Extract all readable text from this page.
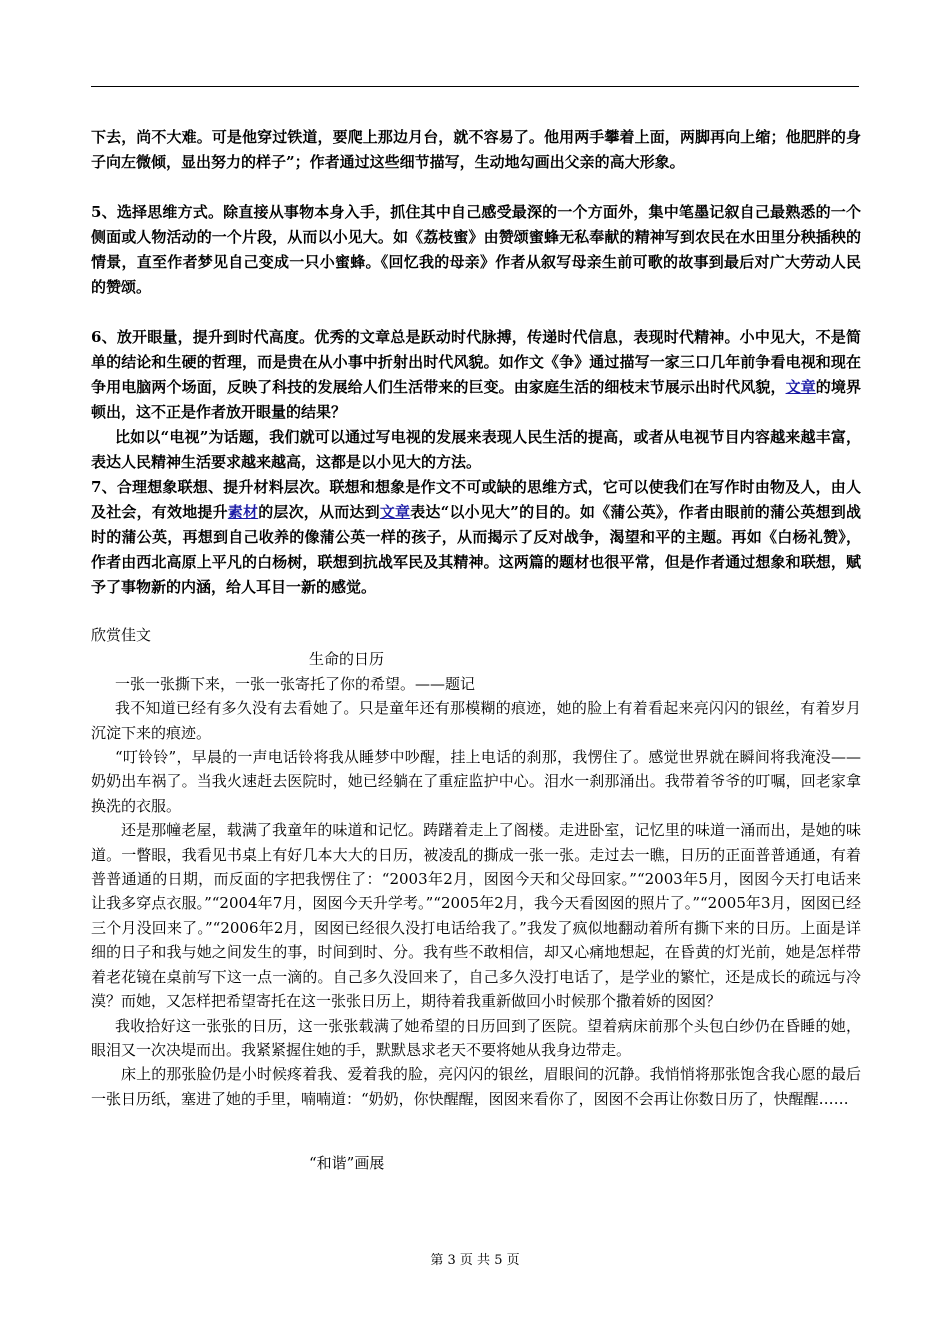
下去，尚不大难。可是他穿过铁道，要爬上那边月台，就不容易了。他用两手攀着上面，两脚再向上缩；他肥胖的身子向左微倾，显出努力的样子”；作者通过这些细节描写，生动地勾画出父亲的高大形象。

5、选择思维方式。除直接从事物本身入手，抓住其中自己感受最深的一个方面外，集中笔墨记叙自己最熟悉的一个侧面或人物活动的一个片段，从而以小见大。如《荔枝蜜》由赞颂蜜蜂无私奉献的精神写到农民在水田里分秧插秧的情景，直至作者梦见自己变成一只小蜜蜂。《回忆我的母亲》作者从叙写母亲生前可歌的故事到最后对广大劳动人民的赞颂。

6、放开眼量，提升到时代高度。优秀的文章总是跃动时代脉搏，传递时代信息，表现时代精神。小中见大，不是简单的结论和生硬的哲理，而是贵在从小事中折射出时代风貌。如作文《争》通过描写一家三口几年前争看电视和现在争用电脑两个场面，反映了科技的发展给人们生活带来的巨变。由家庭生活的细枝末节展示出时代风貌，文章的境界顿出，这不正是作者放开眼量的结果？

比如以“电视”为话题，我们就可以通过写电视的发展来表现人民生活的提高，或者从电视节目内容越来越丰富，表达人民精神生活要求越来越高，这都是以小见大的方法。

7、合理想象联想、提升材料层次。联想和想象是作文不可或缺的思维方式，它可以使我们在写作时由物及人，由人及社会，有效地提升素材的层次，从而达到文章表达“以小见大”的目的。如《蒲公英》，作者由眼前的蒲公英想到战时的蒲公英，再想到自己收养的像蒲公英一样的孩子，从而揭示了反对战争，渴望和平的主题。再如《白杨礼赞》，作者由西北高原上平凡的白杨树，联想到抗战军民及其精神。这两篇的题材也很平常，但是作者通过想象和联想，赋予了事物新的内涵，给人耳目一新的感觉。

欣赏佳文

生命的日历

一张一张撕下来，一张一张寄托了你的希望。——题记

我不知道已经有多久没有去看她了。只是童年还有那模糊的痕迹，她的脸上有着看起来亮闪闪的银丝，有着岁月沉淀下来的痕迹。

“叮铃铃”，早晨的一声电话铃将我从睡梦中吵醒，挂上电话的刹那，我愣住了。感觉世界就在瞬间将我淹没——奶奶出车祸了。当我火速赶去医院时，她已经躺在了重症监护中心。泪水一刹那涌出。我带着爷爷的叮嘱，回老家拿换洗的衣服。

还是那幢老屋，载满了我童年的味道和记忆。踌躇着走上了阁楼。走进卧室，记忆里的味道一涌而出，是她的味道。一瞥眼，我看见书桌上有好几本大大的日历，被凌乱的撕成一张一张。走过去一瞧，日历的正面普普通通，有着普普通通的日期，而反面的字把我愣住了：“2003年2月，囡囡今天和父母回家。”“2003年5月，囡囡今天打电话来让我多穿点衣服。”“2004年7月，囡囡今天升学考。”“2005年2月，我今天看囡囡的照片了。”“2005年3月，囡囡已经三个月没回来了。”“2006年2月，囡囡已经很久没打电话给我了。”我发了疯似地翻动着所有撕下来的日历。上面是详细的日子和我与她之间发生的事，时间到时、分。我有些不敢相信，却又心痛地想起，在昏黄的灯光前，她是怎样带着老花镜在桌前写下这一点一滴的。自己多久没回来了，自己多久没打电话了，是学业的繁忙，还是成长的疏远与冷漠？而她，又怎样把希望寄托在这一张张日历上，期待着我重新做回小时候那个撒着娇的囡囡？

我收拾好这一张张的日历，这一张张载满了她希望的日历回到了医院。望着病床前那个头包白纱仍在昏睡的她，眼泪又一次决堤而出。我紧紧握住她的手，默默恳求老天不要将她从我身边带走。

床上的那张脸仍是小时候疼着我、爱着我的脸，亮闪闪的银丝，眉眼间的沉静。我悄悄将那张饱含我心愿的最后一张日历纸，塞进了她的手里，喃喃道：“奶奶，你快醒醒，囡囡来看你了，囡囡不会再让你数日历了，快醒醒……

“和谐”画展

第 3 页 共 5 页
